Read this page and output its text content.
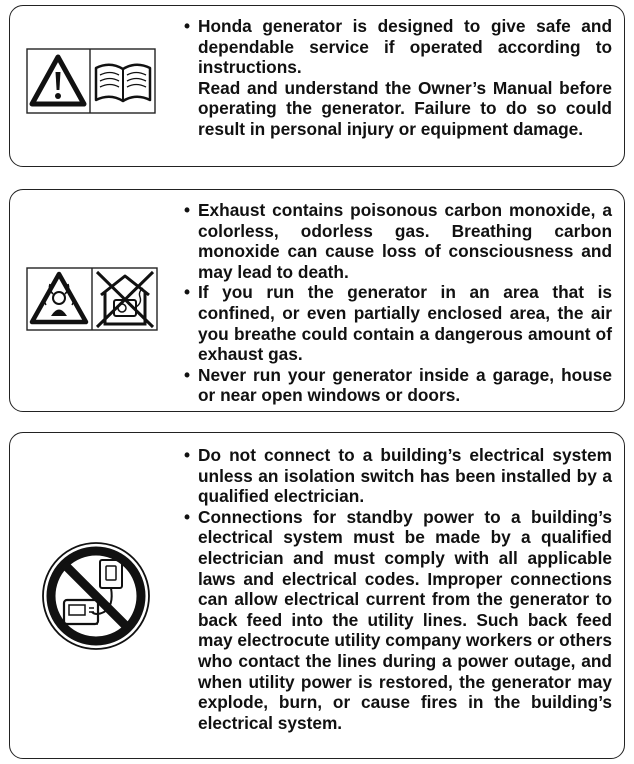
• Honda generator is designed to give safe and dependable service if operated according to instructions.
Read and understand the Owner’s Manual before operating the generator. Failure to do so could result in personal injury or equipment damage.
• Exhaust contains poisonous carbon monoxide, a colorless, odorless gas. Breathing carbon monoxide can cause loss of consciousness and may lead to death.
• If you run the generator in an area that is confined, or even partially enclosed area, the air you breathe could contain a dangerous amount of exhaust gas.
• Never run your generator inside a garage, house or near open windows or doors.
• Do not connect to a building’s electrical system unless an isolation switch has been installed by a qualified electrician.
• Connections for standby power to a building’s electrical system must be made by a qualified electrician and must comply with all applicable laws and electrical codes. Improper connections can allow electrical current from the generator to back feed into the utility lines. Such back feed may electrocute utility company workers or others who contact the lines during a power outage, and when utility power is restored, the generator may explode, burn, or cause fires in the building’s electrical system.
